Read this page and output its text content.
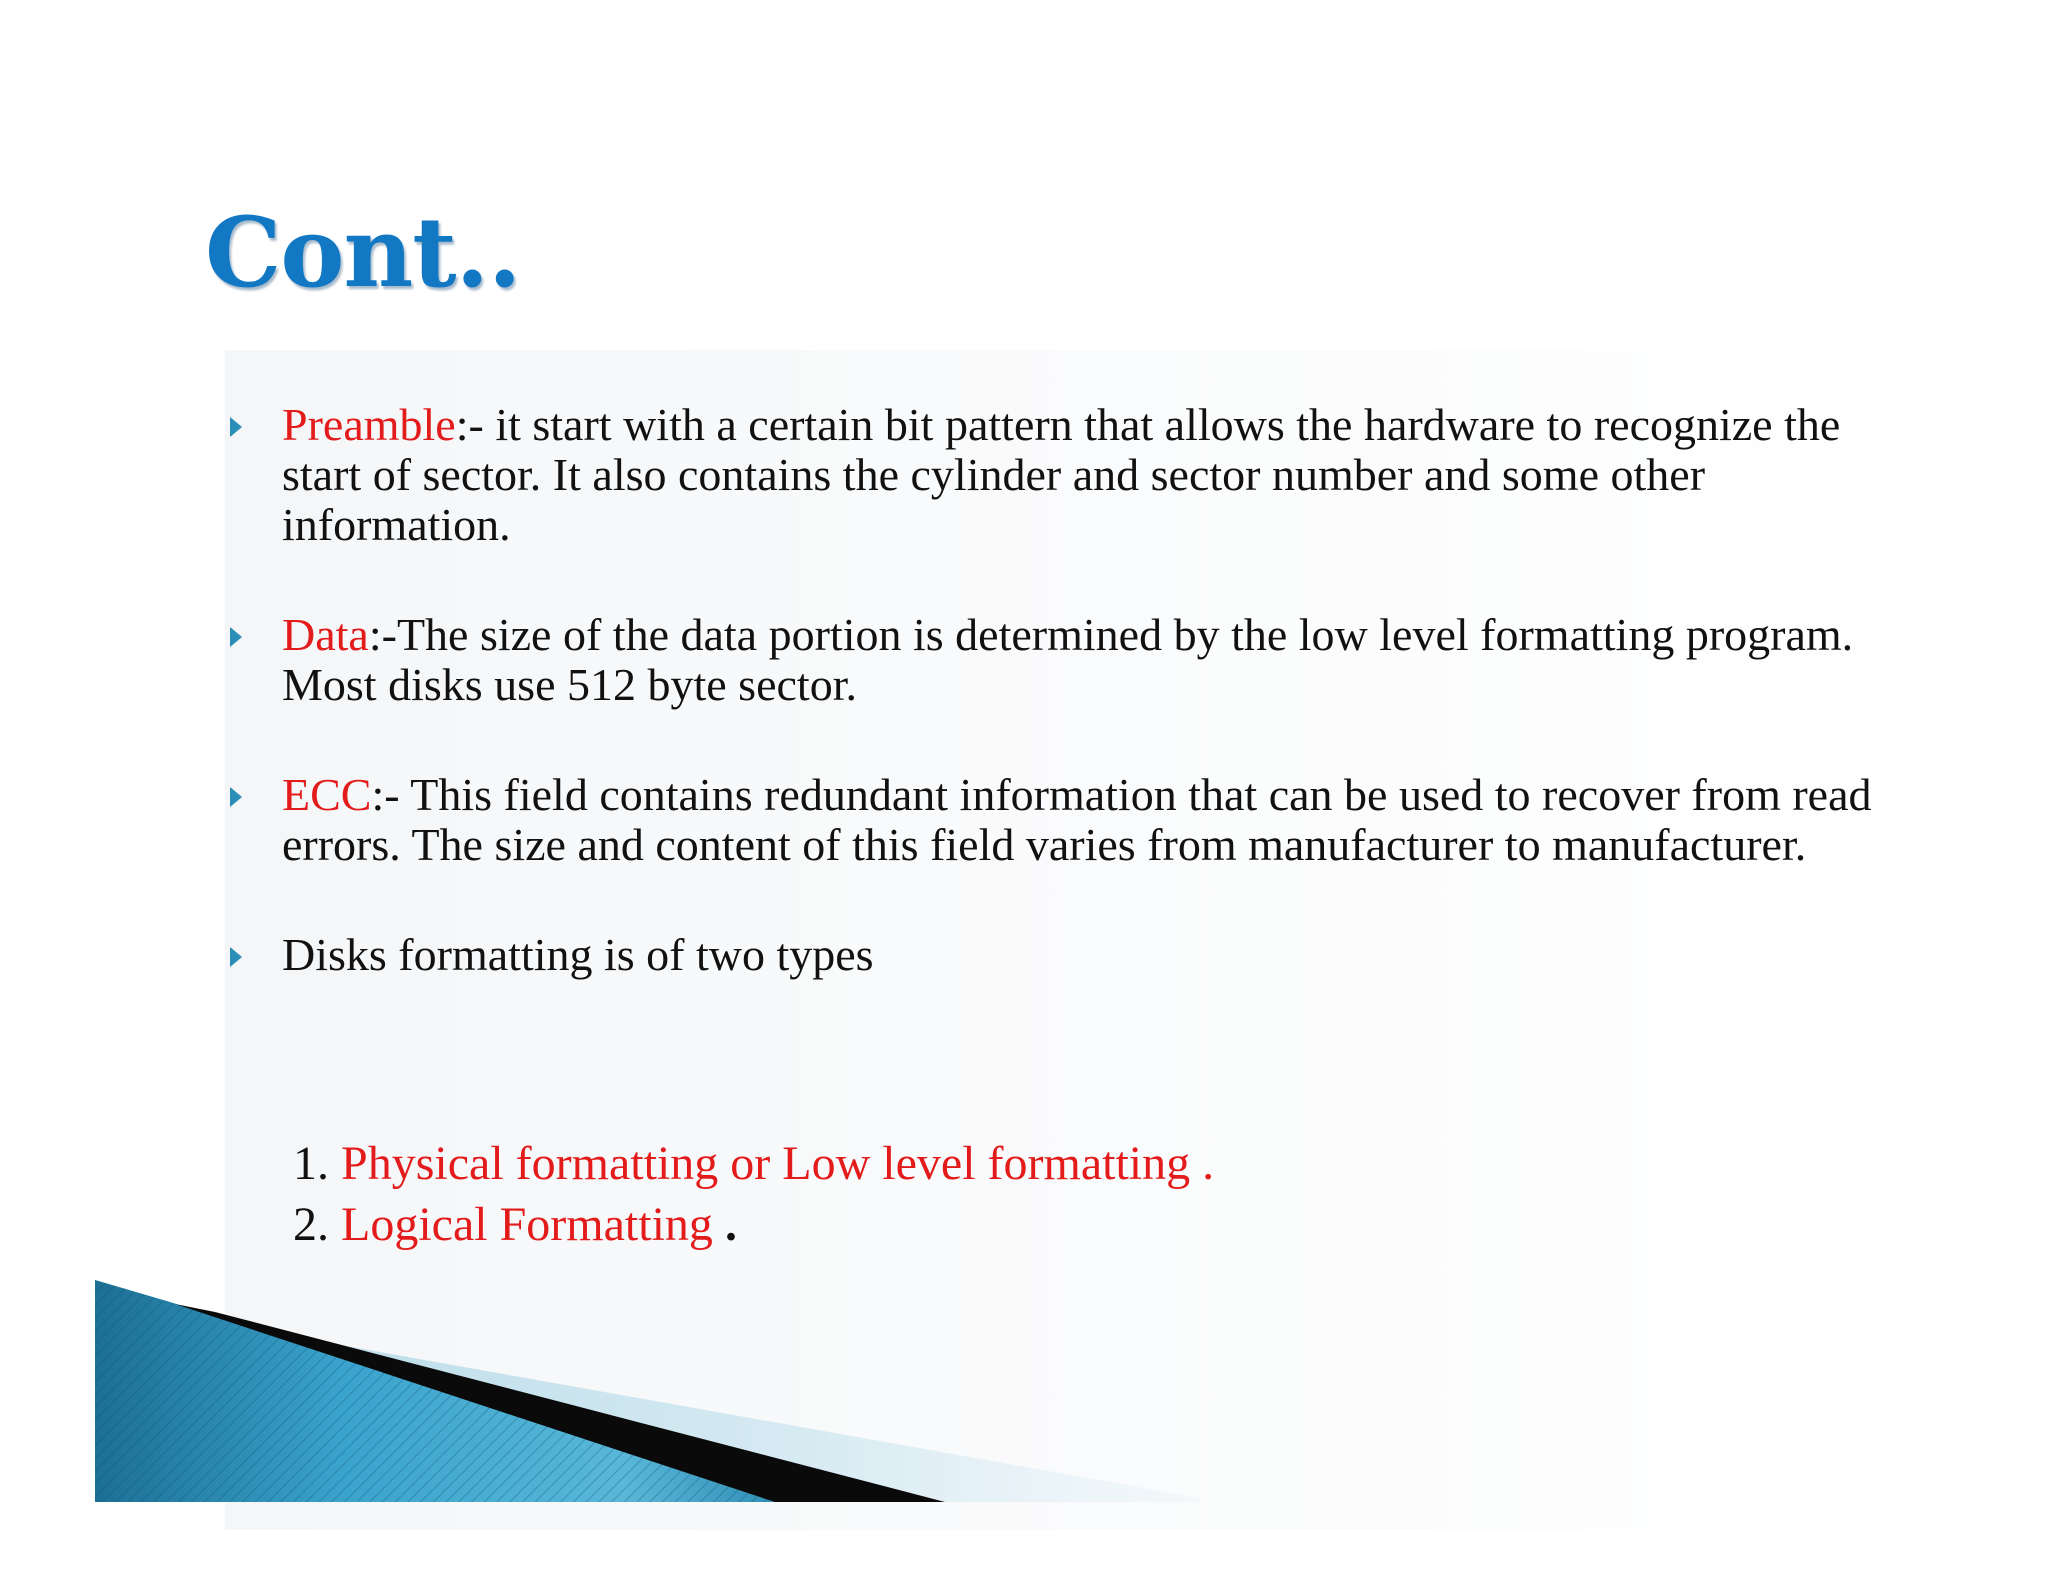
Cont..
Preamble:- it start with a certain bit pattern that allows the hardware to recognize the start of sector. It also contains the cylinder and sector number and some other information.
Data:-The size of the data portion is determined by the low level formatting program. Most disks use 512 byte sector.
ECC:- This field contains redundant information that can be used to recover from read errors. The size and content of this field varies from manufacturer to manufacturer.
Disks formatting is of two types
1. Physical formatting or Low level formatting .
2. Logical Formatting .
